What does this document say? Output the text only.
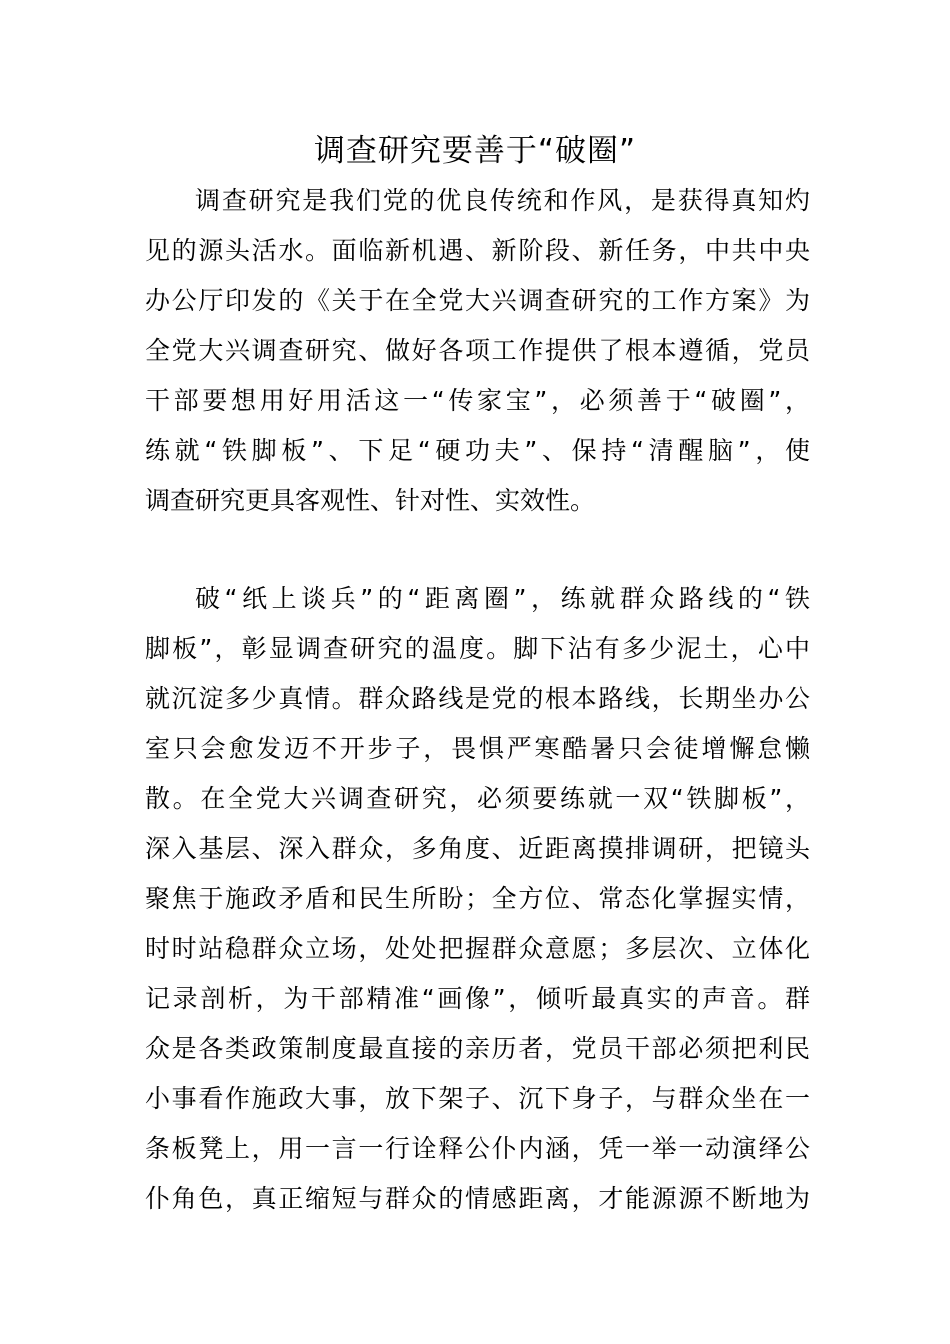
调查研究要善于“破圈”
调查研究是我们党的优良传统和作风，是获得真知灼
见的源头活水。面临新机遇、新阶段、新任务，中共中央
办公厅印发的《关于在全党大兴调查研究的工作方案》为
全党大兴调查研究、做好各项工作提供了根本遵循，党员
干部要想用好用活这一“传家宝”，必须善于“破圈”，
练就“铁脚板”、下足“硬功夫”、保持“清醒脑”，使
调查研究更具客观性、针对性、实效性。
破“纸上谈兵”的“距离圈”，练就群众路线的“铁
脚板”，彰显调查研究的温度。脚下沾有多少泥土，心中
就沉淀多少真情。群众路线是党的根本路线，长期坐办公
室只会愈发迈不开步子，畏惧严寒酷暑只会徒增懈怠懒
散。在全党大兴调查研究，必须要练就一双“铁脚板”，
深入基层、深入群众，多角度、近距离摸排调研，把镜头
聚焦于施政矛盾和民生所盼；全方位、常态化掌握实情，
时时站稳群众立场，处处把握群众意愿；多层次、立体化
记录剖析，为干部精准“画像”，倾听最真实的声音。群
众是各类政策制度最直接的亲历者，党员干部必须把利民
小事看作施政大事，放下架子、沉下身子，与群众坐在一
条板凳上，用一言一行诠释公仆内涵，凭一举一动演绎公
仆角色，真正缩短与群众的情感距离，才能源源不断地为
